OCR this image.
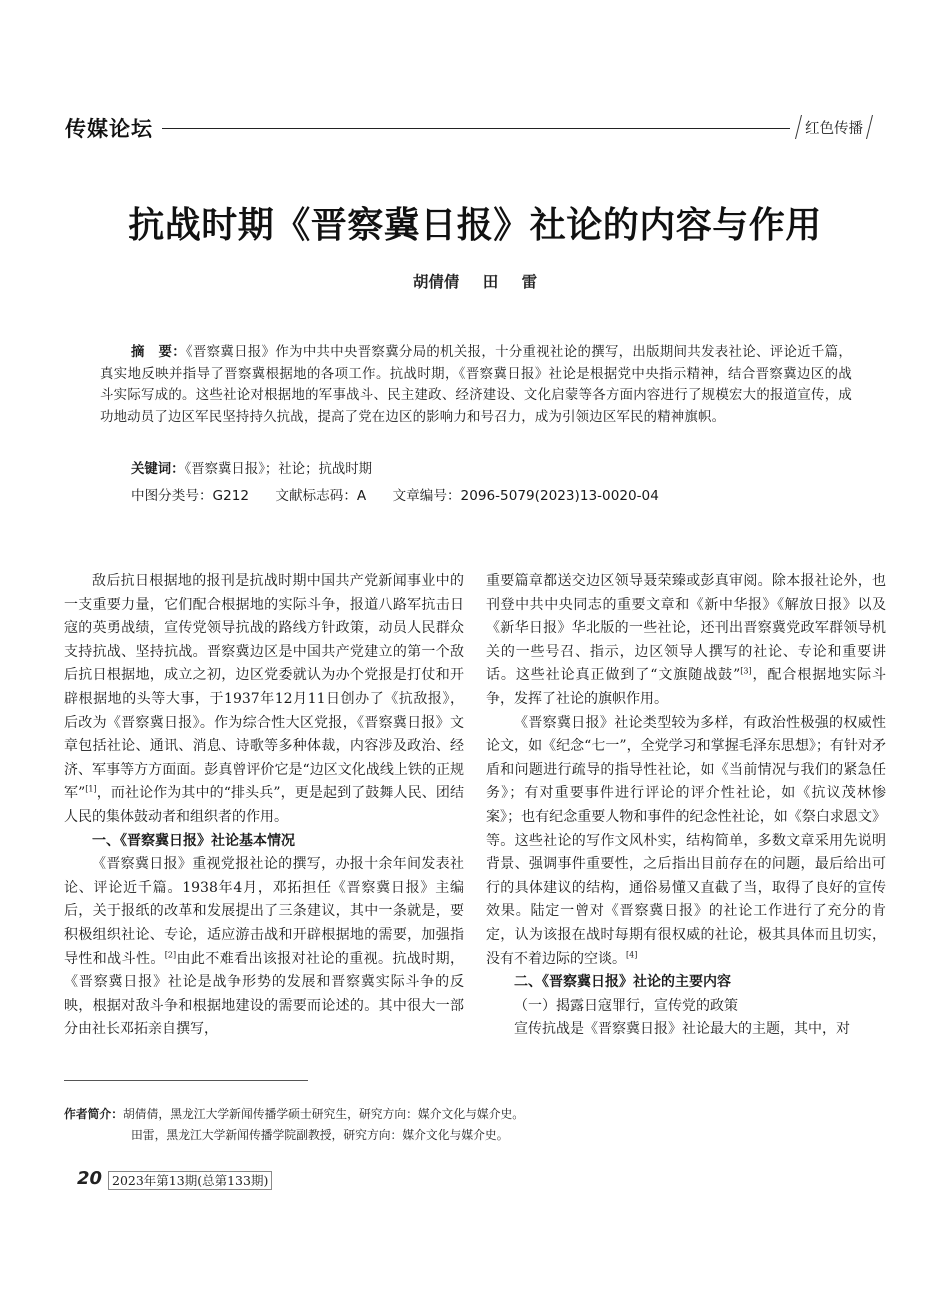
传媒论坛	红色传播
抗战时期《晋察冀日报》社论的内容与作用
胡倩倩 田 雷

摘　要：《晋察冀日报》作为中共中央晋察冀分局的机关报，十分重视社论的撰写，出版期间共发表社论、评论近千篇，真实地反映并指导了晋察冀根据地的各项工作。抗战时期，《晋察冀日报》社论是根据党中央指示精神，结合晋察冀边区的战斗实际写成的。这些社论对根据地的军事战斗、民主建政、经济建设、文化启蒙等各方面内容进行了规模宏大的报道宣传，成功地动员了边区军民坚持持久抗战，提高了党在边区的影响力和号召力，成为引领边区军民的精神旗帜。

关键词：《晋察冀日报》；社论；抗战时期
中图分类号：G212 文献标志码：A 文章编号：2096-5079(2023)13-0020-04

敌后抗日根据地的报刊是抗战时期中国共产党新闻事业中的一支重要力量，它们配合根据地的实际斗争，报道八路军抗击日寇的英勇战绩，宣传党领导抗战的路线方针政策，动员人民群众支持抗战、坚持抗战。晋察冀边区是中国共产党建立的第一个敌后抗日根据地，成立之初，边区党委就认为办个党报是打仗和开辟根据地的头等大事，于1937年12月11日创办了《抗敌报》，后改为《晋察冀日报》。作为综合性大区党报，《晋察冀日报》文章包括社论、通讯、消息、诗歌等多种体裁，内容涉及政治、经济、军事等方方面面。彭真曾评价它是“边区文化战线上铁的正规军”[1]，而社论作为其中的“排头兵”，更是起到了鼓舞人民、团结人民的集体鼓动者和组织者的作用。

一、《晋察冀日报》社论基本情况

《晋察冀日报》重视党报社论的撰写，办报十余年间发表社论、评论近千篇。1938年4月，邓拓担任《晋察冀日报》主编后，关于报纸的改革和发展提出了三条建议，其中一条就是，要积极组织社论、专论，适应游击战和开辟根据地的需要，加强指导性和战斗性。[2]由此不难看出该报对社论的重视。抗战时期，《晋察冀日报》社论是战争形势的发展和晋察冀实际斗争的反映，根据对敌斗争和根据地建设的需要而论述的。其中很大一部分由社长邓拓亲自撰写，

重要篇章都送交边区领导聂荣臻或彭真审阅。除本报社论外，也刊登中共中央同志的重要文章和《新中华报》《解放日报》以及《新华日报》华北版的一些社论，还刊出晋察冀党政军群领导机关的一些号召、指示，边区领导人撰写的社论、专论和重要讲话。这些社论真正做到了“文旗随战鼓”[3]，配合根据地实际斗争，发挥了社论的旗帜作用。

《晋察冀日报》社论类型较为多样，有政治性极强的权威性论文，如《纪念“七一”，全党学习和掌握毛泽东思想》；有针对矛盾和问题进行疏导的指导性社论，如《当前情况与我们的紧急任务》；有对重要事件进行评论的评介性社论，如《抗议茂林惨案》；也有纪念重要人物和事件的纪念性社论，如《祭白求恩文》等。这些社论的写作文风朴实，结构简单，多数文章采用先说明背景、强调事件重要性，之后指出目前存在的问题，最后给出可行的具体建议的结构，通俗易懂又直截了当，取得了良好的宣传效果。陆定一曾对《晋察冀日报》的社论工作进行了充分的肯定，认为该报在战时每期有很权威的社论，极其具体而且切实，没有不着边际的空谈。[4]

二、《晋察冀日报》社论的主要内容
（一）揭露日寇罪行，宣传党的政策

宣传抗战是《晋察冀日报》社论最大的主题，其中，对

作者简介：胡倩倩，黑龙江大学新闻传播学硕士研究生，研究方向：媒介文化与媒介史。
田雷，黑龙江大学新闻传播学院副教授，研究方向：媒介文化与媒介史。
20 2023年第13期(总第133期)
